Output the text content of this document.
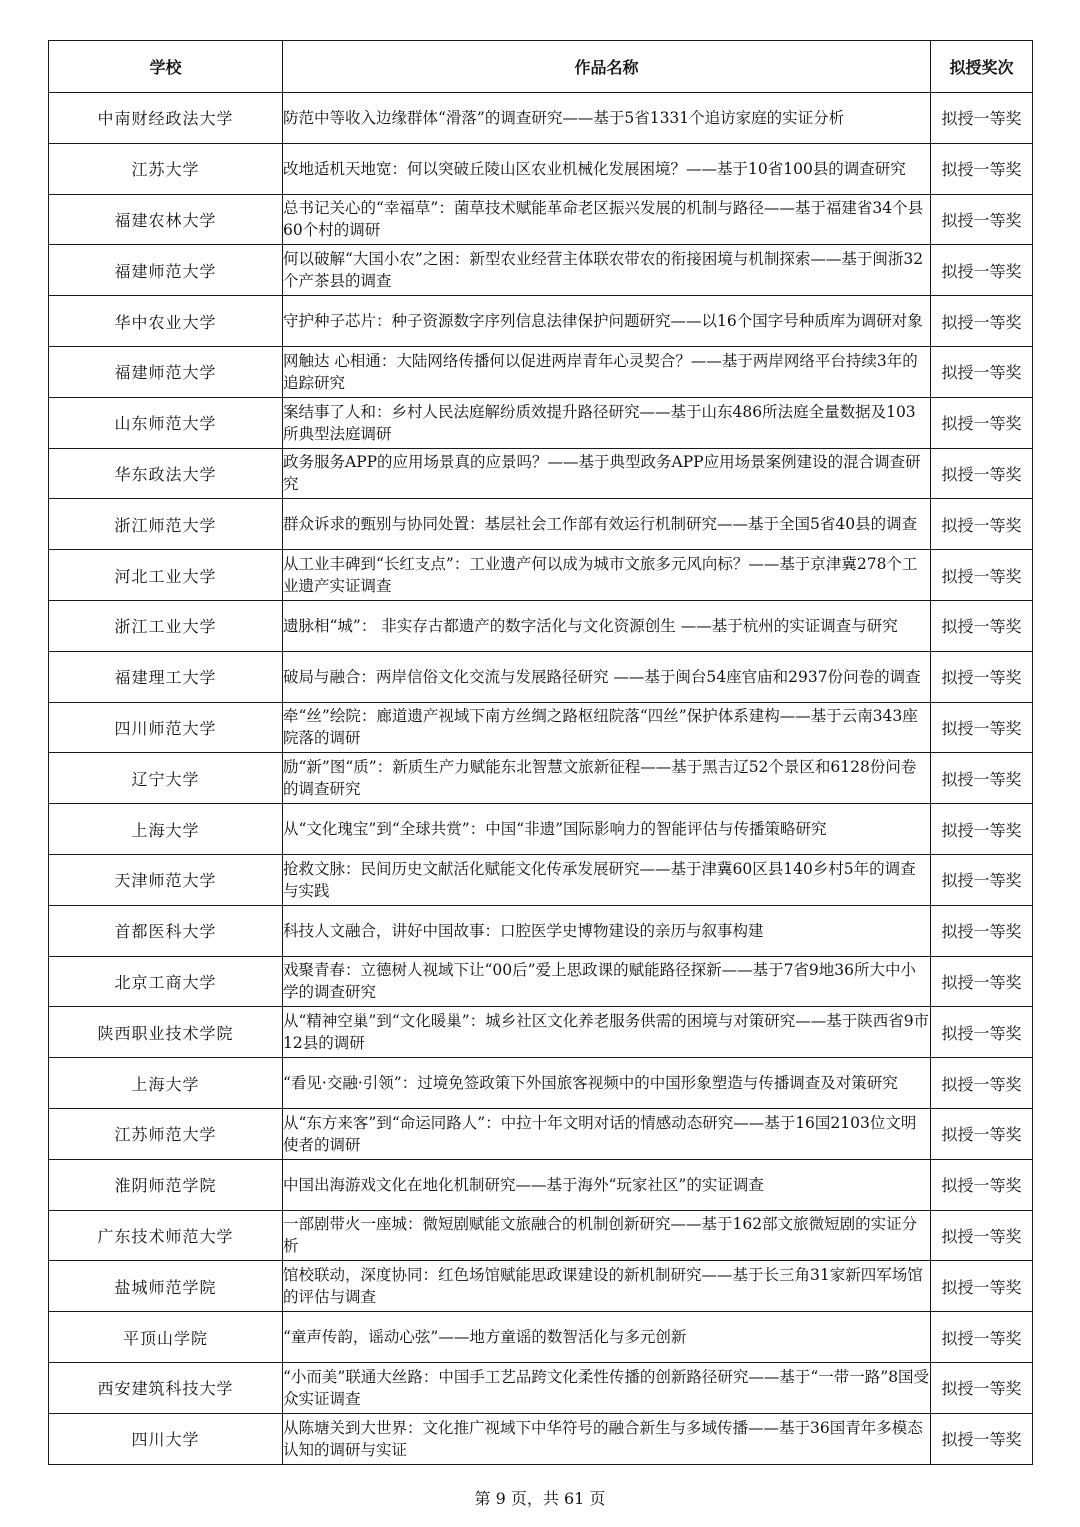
学校	作品名称	拟授奖次
中南财经政法大学	防范中等收入边缘群体“滑落”的调查研究——基于5省1331个追访家庭的实证分析	拟授一等奖
江苏大学	改地适机天地宽：何以突破丘陵山区农业机械化发展困境？——基于10省100县的调查研究	拟授一等奖
福建农林大学	总书记关心的“幸福草”：菌草技术赋能革命老区振兴发展的机制与路径——基于福建省34个县60个村的调研	拟授一等奖
福建师范大学	何以破解“大国小农”之困：新型农业经营主体联农带农的衔接困境与机制探索——基于闽浙32个产茶县的调查	拟授一等奖
华中农业大学	守护种子芯片：种子资源数字序列信息法律保护问题研究——以16个国字号种质库为调研对象	拟授一等奖
福建师范大学	网触达 心相通：大陆网络传播何以促进两岸青年心灵契合？——基于两岸网络平台持续3年的追踪研究	拟授一等奖
山东师范大学	案结事了人和：乡村人民法庭解纷质效提升路径研究——基于山东486所法庭全量数据及103所典型法庭调研	拟授一等奖
华东政法大学	政务服务APP的应用场景真的应景吗？——基于典型政务APP应用场景案例建设的混合调查研究	拟授一等奖
浙江师范大学	群众诉求的甄别与协同处置：基层社会工作部有效运行机制研究——基于全国5省40县的调查	拟授一等奖
河北工业大学	从工业丰碑到“长红支点”：工业遗产何以成为城市文旅多元风向标？——基于京津冀278个工业遗产实证调查	拟授一等奖
浙江工业大学	遗脉相“城”： 非实存古都遗产的数字活化与文化资源创生 ——基于杭州的实证调查与研究	拟授一等奖
福建理工大学	破局与融合：两岸信俗文化交流与发展路径研究 ——基于闽台54座官庙和2937份问卷的调查	拟授一等奖
四川师范大学	牵“丝”绘院：廊道遗产视域下南方丝绸之路枢纽院落“四丝”保护体系建构——基于云南343座院落的调研	拟授一等奖
辽宁大学	励“新”图“质”：新质生产力赋能东北智慧文旅新征程——基于黑吉辽52个景区和6128份问卷的调查研究	拟授一等奖
上海大学	从“文化瑰宝”到“全球共赏”：中国“非遗”国际影响力的智能评估与传播策略研究	拟授一等奖
天津师范大学	抢救文脉：民间历史文献活化赋能文化传承发展研究——基于津冀60区县140乡村5年的调查与实践	拟授一等奖
首都医科大学	科技人文融合，讲好中国故事：口腔医学史博物建设的亲历与叙事构建	拟授一等奖
北京工商大学	戏聚青春：立德树人视域下让“00后”爱上思政课的赋能路径探新——基于7省9地36所大中小学的调查研究	拟授一等奖
陕西职业技术学院	从“精神空巢”到“文化暖巢”：城乡社区文化养老服务供需的困境与对策研究——基于陕西省9市12县的调研	拟授一等奖
上海大学	“看见·交融·引领”：过境免签政策下外国旅客视频中的中国形象塑造与传播调查及对策研究	拟授一等奖
江苏师范大学	从“东方来客”到“命运同路人”：中拉十年文明对话的情感动态研究——基于16国2103位文明使者的调研	拟授一等奖
淮阴师范学院	中国出海游戏文化在地化机制研究——基于海外“玩家社区”的实证调查	拟授一等奖
广东技术师范大学	一部剧带火一座城：微短剧赋能文旅融合的机制创新研究——基于162部文旅微短剧的实证分析	拟授一等奖
盐城师范学院	馆校联动，深度协同：红色场馆赋能思政课建设的新机制研究——基于长三角31家新四军场馆的评估与调查	拟授一等奖
平顶山学院	“童声传韵，谣动心弦”——地方童谣的数智活化与多元创新	拟授一等奖
西安建筑科技大学	“小而美”联通大丝路：中国手工艺品跨文化柔性传播的创新路径研究——基于“一带一路”8国受众实证调查	拟授一等奖
四川大学	从陈塘关到大世界：文化推广视域下中华符号的融合新生与多域传播——基于36国青年多模态认知的调研与实证	拟授一等奖
第 9 页，共 61 页
